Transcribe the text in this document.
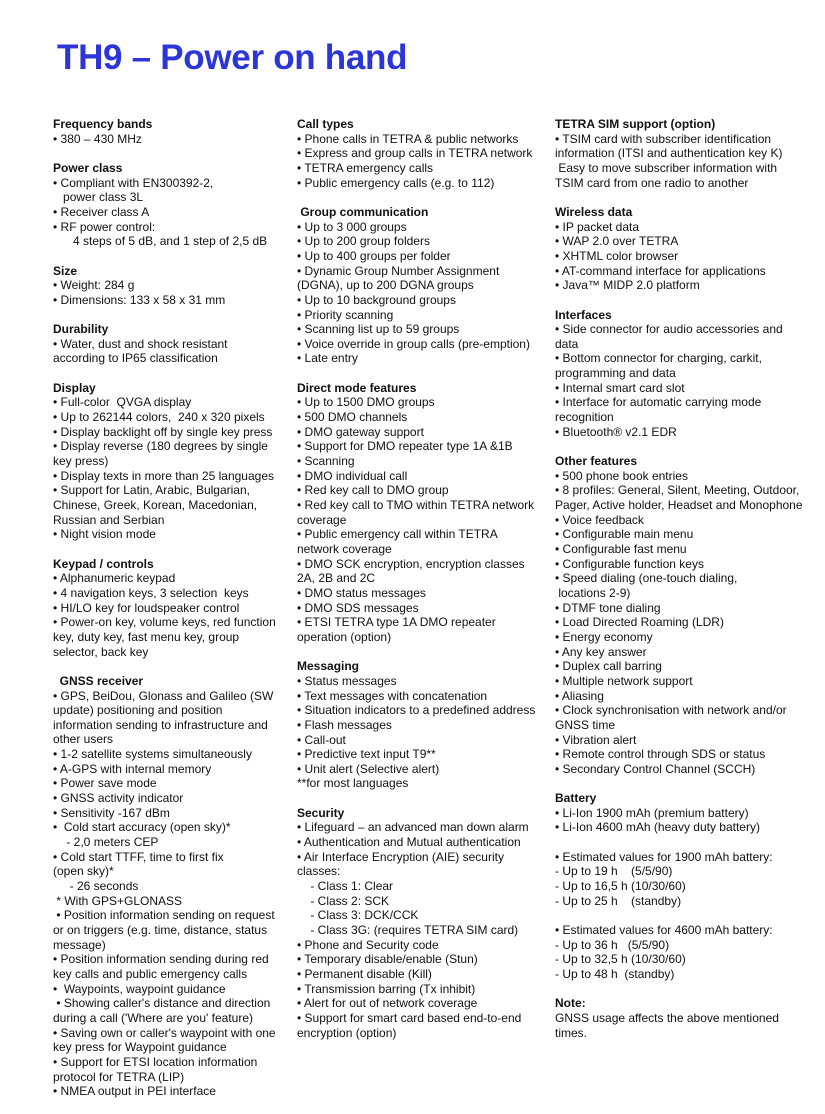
TH9 – Power on hand
Frequency bands
• 380 – 430 MHz
Power class
• Compliant with EN300392-2,
power class 3L
• Receiver class A
• RF power control:
4 steps of 5 dB, and 1 step of 2,5 dB
Size
• Weight: 284 g
• Dimensions: 133 x 58 x 31 mm
Durability
• Water, dust and shock resistant
according to IP65 classification
Display
• Full-color  QVGA display
• Up to 262144 colors,  240 x 320 pixels
• Display backlight off by single key press
• Display reverse (180 degrees by single
key press)
• Display texts in more than 25 languages
• Support for Latin, Arabic, Bulgarian,
Chinese, Greek, Korean, Macedonian,
Russian and Serbian
• Night vision mode
Keypad / controls
• Alphanumeric keypad
• 4 navigation keys, 3 selection  keys
• HI/LO key for loudspeaker control
• Power-on key, volume keys, red function
key, duty key, fast menu key, group
selector, back key
GNSS receiver
• GPS, BeiDou, Glonass and Galileo (SW
update) positioning and position
information sending to infrastructure and
other users
• 1-2 satellite systems simultaneously
• A-GPS with internal memory
• Power save mode
• GNSS activity indicator
• Sensitivity -167 dBm
•  Cold start accuracy (open sky)*
- 2,0 meters CEP
• Cold start TTFF, time to first fix
(open sky)*
- 26 seconds
* With GPS+GLONASS
• Position information sending on request
or on triggers (e.g. time, distance, status
message)
• Position information sending during red
key calls and public emergency calls
•  Waypoints, waypoint guidance
• Showing caller's distance and direction
during a call ('Where are you' feature)
• Saving own or caller's waypoint with one
key press for Waypoint guidance
• Support for ETSI location information
protocol for TETRA (LIP)
• NMEA output in PEI interface
Call types
• Phone calls in TETRA & public networks
• Express and group calls in TETRA network
• TETRA emergency calls
• Public emergency calls (e.g. to 112)
Group communication
• Up to 3 000 groups
• Up to 200 group folders
• Up to 400 groups per folder
• Dynamic Group Number Assignment
(DGNA), up to 200 DGNA groups
• Up to 10 background groups
• Priority scanning
• Scanning list up to 59 groups
• Voice override in group calls (pre-emption)
• Late entry
Direct mode features
• Up to 1500 DMO groups
• 500 DMO channels
• DMO gateway support
• Support for DMO repeater type 1A &1B
• Scanning
• DMO individual call
• Red key call to DMO group
• Red key call to TMO within TETRA network
coverage
• Public emergency call within TETRA
network coverage
• DMO SCK encryption, encryption classes
2A, 2B and 2C
• DMO status messages
• DMO SDS messages
• ETSI TETRA type 1A DMO repeater
operation (option)
Messaging
• Status messages
• Text messages with concatenation
• Situation indicators to a predefined address
• Flash messages
• Call-out
• Predictive text input T9**
• Unit alert (Selective alert)
**for most languages
Security
• Lifeguard – an advanced man down alarm
• Authentication and Mutual authentication
• Air Interface Encryption (AIE) security
classes:
- Class 1: Clear
- Class 2: SCK
- Class 3: DCK/CCK
- Class 3G: (requires TETRA SIM card)
• Phone and Security code
• Temporary disable/enable (Stun)
• Permanent disable (Kill)
• Transmission barring (Tx inhibit)
• Alert for out of network coverage
• Support for smart card based end-to-end
encryption (option)
TETRA SIM support (option)
• TSIM card with subscriber identification
information (ITSI and authentication key K)
Easy to move subscriber information with
TSIM card from one radio to another
Wireless data
• IP packet data
• WAP 2.0 over TETRA
• XHTML color browser
• AT-command interface for applications
• Java™ MIDP 2.0 platform
Interfaces
• Side connector for audio accessories and
data
• Bottom connector for charging, carkit,
programming and data
• Internal smart card slot
• Interface for automatic carrying mode
recognition
• Bluetooth® v2.1 EDR
Other features
• 500 phone book entries
• 8 profiles: General, Silent, Meeting, Outdoor,
Pager, Active holder, Headset and Monophone
• Voice feedback
• Configurable main menu
• Configurable fast menu
• Configurable function keys
• Speed dialing (one-touch dialing,
locations 2-9)
• DTMF tone dialing
• Load Directed Roaming (LDR)
• Energy economy
• Any key answer
• Duplex call barring
• Multiple network support
• Aliasing
• Clock synchronisation with network and/or
GNSS time
• Vibration alert
• Remote control through SDS or status
• Secondary Control Channel (SCCH)
Battery
• Li-Ion 1900 mAh (premium battery)
• Li-Ion 4600 mAh (heavy duty battery)

• Estimated values for 1900 mAh battery:
- Up to 19 h    (5/5/90)
- Up to 16,5 h (10/30/60)
- Up to 25 h    (standby)

• Estimated values for 4600 mAh battery:
- Up to 36 h   (5/5/90)
- Up to 32,5 h (10/30/60)
- Up to 48 h  (standby)
Note:
GNSS usage affects the above mentioned
times.
